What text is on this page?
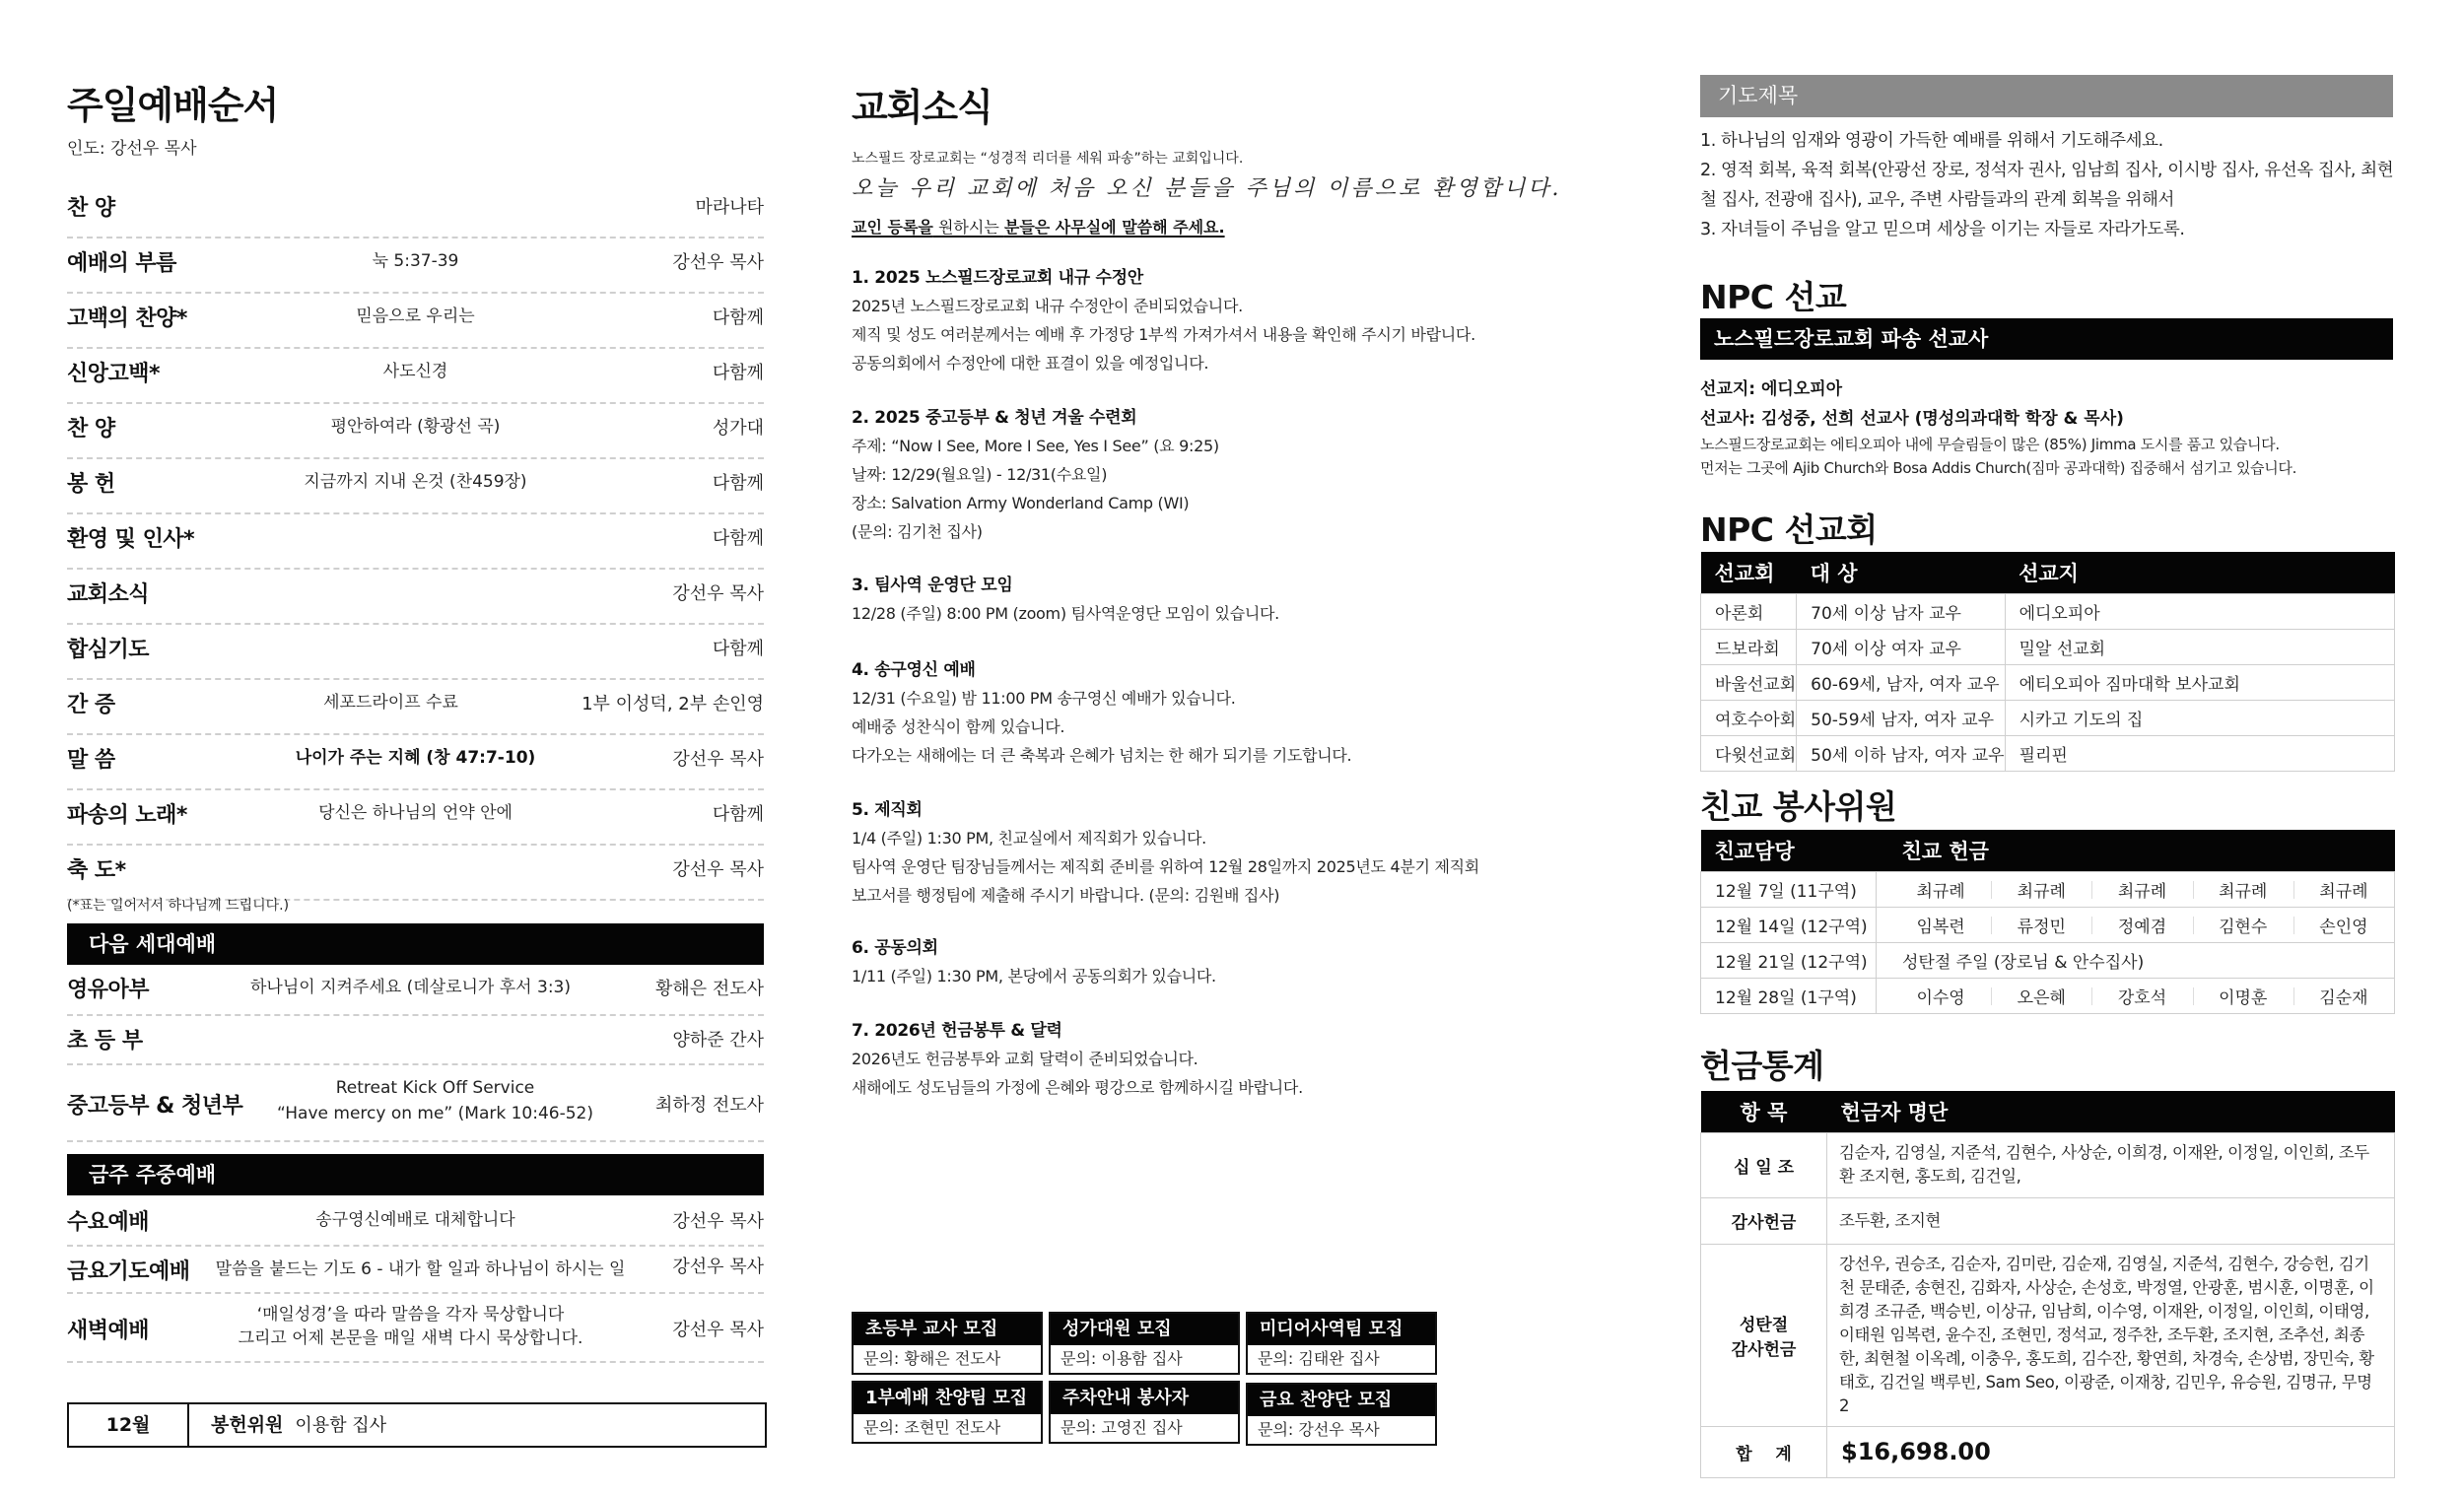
주일예배순서
인도: 강선우 목사
찬 양	마라나타
예배의 부름	눅 5:37-39	강선우 목사
고백의 찬양*	믿음으로 우리는	다함께
신앙고백*	사도신경	다함께
찬 양	평안하여라 (황광선 곡)	성가대
봉 헌	지금까지 지내 온것 (찬459장)	다함께
환영 및 인사*	다함께
교회소식	강선우 목사
합심기도	다함께
간 증	세포드라이프 수료	1부 이성덕, 2부 손인영
말 씀	나이가 주는 지혜 (창 47:7-10)	강선우 목사
파송의 노래*	당신은 하나님의 언약 안에	다함께
축 도*	강선우 목사
(*표는 일어서서 하나님께 드립니다.)
다음 세대예배
영유아부	하나님이 지켜주세요 (데살로니가 후서 3:3)	황해은 전도사
초 등 부	양하준 간사
중고등부 & 청년부
Retreat Kick Off Service
“Have mercy on me” (Mark 10:46-52)	최하정 전도사
금주 주중예배
수요예배	송구영신예배로 대체합니다	강선우 목사
금요기도예배 말씀을 붙드는 기도 6 - 내가 할 일과 하나님이 하시는 일	강선우 목사
새벽예배
‘매일성경’을 따라 말씀을 각자 묵상합니다
그리고 어제 본문을 매일 새벽 다시 묵상합니다.	강선우 목사
12월	봉헌위원 이용함 집사
교회소식
노스필드 장로교회는 “성경적 리더를 세워 파송”하는 교회입니다.
오늘 우리 교회에 처음 오신 분들을 주님의 이름으로 환영합니다.
교인 등록을 원하시는 분들은 사무실에 말씀해 주세요.
1. 2025 노스필드장로교회 내규 수정안

2025년 노스필드장로교회 내규 수정안이 준비되었습니다.

제직 및 성도 여러분께서는 예배 후 가정당 1부씩 가져가셔서 내용을 확인해 주시기 바랍니다.

공동의회에서 수정안에 대한 표결이 있을 예정입니다.

2. 2025 중고등부 & 청년 겨울 수련회

주제: “Now I See, More I See, Yes I See” (요 9:25)

날짜: 12/29(월요일) - 12/31(수요일)

장소: Salvation Army Wonderland Camp (WI)

(문의: 김기천 집사)

3. 팀사역 운영단 모임

12/28 (주일) 8:00 PM (zoom) 팀사역운영단 모임이 있습니다.

4. 송구영신 예배

12/31 (수요일) 밤 11:00 PM 송구영신 예배가 있습니다.

예배중 성찬식이 함께 있습니다.

다가오는 새해에는 더 큰 축복과 은혜가 넘치는 한 해가 되기를 기도합니다.

5. 제직회

1/4 (주일) 1:30 PM, 친교실에서 제직회가 있습니다.

팀사역 운영단 팀장님들께서는 제직회 준비를 위하여 12월 28일까지 2025년도 4분기 제직회

보고서를 행정팀에 제출해 주시기 바랍니다. (문의: 김원배 집사)

6. 공동의회

1/11 (주일) 1:30 PM, 본당에서 공동의회가 있습니다.

7. 2026년 헌금봉투 & 달력

2026년도 헌금봉투와 교회 달력이 준비되었습니다.

새해에도 성도님들의 가정에 은혜와 평강으로 함께하시길 바랍니다.

초등부 교사 모집
문의: 황해은 전도사
성가대원 모집
문의: 이용함 집사
미디어사역팀 모집
문의: 김태완 집사
1부예배 찬양팀 모집
문의: 조현민 전도사
주차안내 봉사자
문의: 고영진 집사
금요 찬양단 모집
문의: 강선우 목사
기도제목
1. 하나님의 임재와 영광이 가득한 예배를 위해서 기도해주세요.
2. 영적 회복, 육적 회복(안광선 장로, 정석자 권사, 임남희 집사, 이시방 집사, 유선옥 집사, 최현철 집사, 전광애 집사), 교우, 주변 사람들과의 관계 회복을 위해서
3. 자녀들이 주님을 알고 믿으며 세상을 이기는 자들로 자라가도록.
NPC 선교
노스필드장로교회 파송 선교사
선교지: 에디오피아
선교사: 김성중, 선희 선교사 (명성의과대학 학장 & 목사)
노스필드장로교회는 에티오피아 내에 무슬림들이 많은 (85%) Jimma 도시를 품고 있습니다.
먼저는 그곳에 Ajib Church와 Bosa Addis Church(짐마 공과대학) 집중해서 섬기고 있습니다.
NPC 선교회
선교회	대 상	선교지
아론회	70세 이상 남자 교우	에디오피아
드보라회	70세 이상 여자 교우	밀알 선교회
바울선교회	60-69세, 남자, 여자 교우	에티오피아 짐마대학 보사교회
여호수아회	50-59세 남자, 여자 교우	시카고 기도의 집
다윗선교회	50세 이하 남자, 여자 교우	필리핀
친교 봉사위원
친교담당	친교 헌금
12월 7일 (11구역)	최규례 최규례 최규례 최규례 최규례

12월 14일 (12구역)	임복련 류정민 정예겸 김현수 손인영

12월 21일 (12구역)	성탄절 주일 (장로님 & 안수집사)
12월 28일 (1구역)	이수영 오은혜 강호석 이명훈 김순재
헌금통계
항 목	헌금자 명단
십 일 조	김순자, 김영실, 지준석, 김현수, 사상순, 이희경, 이재완, 이정일, 이인희, 조두환 조지현, 홍도희, 김건일,
감사헌금	조두환, 조지현

성탄절
감사헌금	강선우, 권승조, 김순자, 김미란, 김순재, 김영실, 지준석, 김현수, 강승헌, 김기천 문태준, 송현진, 김화자, 사상순, 손성호, 박정열, 안광훈, 범시훈, 이명훈, 이희경 조규준, 백승빈, 이상규, 임남희, 이수영, 이재완, 이정일, 이인희, 이태영, 이태원 임복련, 윤수진, 조현민, 정석교, 정주찬, 조두환, 조지현, 조추선, 최종한, 최현철 이옥례, 이충우, 홍도희, 김수잔, 황연희, 차경숙, 손상범, 장민숙, 황태호, 김건일 백루빈, Sam Seo, 이광준, 이재창, 김민우, 유승원, 김명규, 무명 2
합    계	$16,698.00
